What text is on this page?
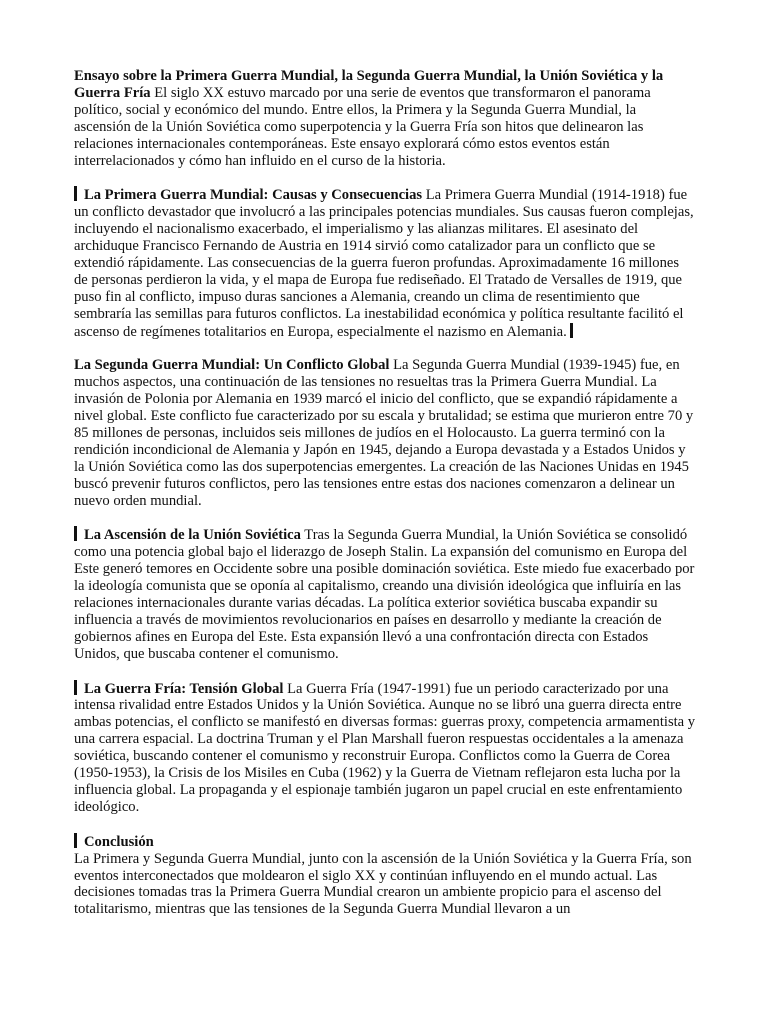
Ensayo sobre la Primera Guerra Mundial, la Segunda Guerra Mundial, la Unión Soviética y la Guerra Fría El siglo XX estuvo marcado por una serie de eventos que transformaron el panorama político, social y económico del mundo. Entre ellos, la Primera y la Segunda Guerra Mundial, la ascensión de la Unión Soviética como superpotencia y la Guerra Fría son hitos que delinearon las relaciones internacionales contemporáneas. Este ensayo explorará cómo estos eventos están interrelacionados y cómo han influido en el curso de la historia.

La Primera Guerra Mundial: Causas y Consecuencias La Primera Guerra Mundial (1914-1918) fue un conflicto devastador que involucró a las principales potencias mundiales. Sus causas fueron complejas, incluyendo el nacionalismo exacerbado, el imperialismo y las alianzas militares. El asesinato del archiduque Francisco Fernando de Austria en 1914 sirvió como catalizador para un conflicto que se extendió rápidamente. Las consecuencias de la guerra fueron profundas. Aproximadamente 16 millones de personas perdieron la vida, y el mapa de Europa fue rediseñado. El Tratado de Versalles de 1919, que puso fin al conflicto, impuso duras sanciones a Alemania, creando un clima de resentimiento que sembraría las semillas para futuros conflictos. La inestabilidad económica y política resultante facilitó el ascenso de regímenes totalitarios en Europa, especialmente el nazismo en Alemania.

La Segunda Guerra Mundial: Un Conflicto Global La Segunda Guerra Mundial (1939-1945) fue, en muchos aspectos, una continuación de las tensiones no resueltas tras la Primera Guerra Mundial. La invasión de Polonia por Alemania en 1939 marcó el inicio del conflicto, que se expandió rápidamente a nivel global. Este conflicto fue caracterizado por su escala y brutalidad; se estima que murieron entre 70 y 85 millones de personas, incluidos seis millones de judíos en el Holocausto. La guerra terminó con la rendición incondicional de Alemania y Japón en 1945, dejando a Europa devastada y a Estados Unidos y la Unión Soviética como las dos superpotencias emergentes. La creación de las Naciones Unidas en 1945 buscó prevenir futuros conflictos, pero las tensiones entre estas dos naciones comenzaron a delinear un nuevo orden mundial.

La Ascensión de la Unión Soviética Tras la Segunda Guerra Mundial, la Unión Soviética se consolidó como una potencia global bajo el liderazgo de Joseph Stalin. La expansión del comunismo en Europa del Este generó temores en Occidente sobre una posible dominación soviética. Este miedo fue exacerbado por la ideología comunista que se oponía al capitalismo, creando una división ideológica que influiría en las relaciones internacionales durante varias décadas. La política exterior soviética buscaba expandir su influencia a través de movimientos revolucionarios en países en desarrollo y mediante la creación de gobiernos afines en Europa del Este. Esta expansión llevó a una confrontación directa con Estados Unidos, que buscaba contener el comunismo.

La Guerra Fría: Tensión Global La Guerra Fría (1947-1991) fue un periodo caracterizado por una intensa rivalidad entre Estados Unidos y la Unión Soviética. Aunque no se libró una guerra directa entre ambas potencias, el conflicto se manifestó en diversas formas: guerras proxy, competencia armamentista y una carrera espacial. La doctrina Truman y el Plan Marshall fueron respuestas occidentales a la amenaza soviética, buscando contener el comunismo y reconstruir Europa. Conflictos como la Guerra de Corea (1950-1953), la Crisis de los Misiles en Cuba (1962) y la Guerra de Vietnam reflejaron esta lucha por la influencia global. La propaganda y el espionaje también jugaron un papel crucial en este enfrentamiento ideológico.

Conclusión
La Primera y Segunda Guerra Mundial, junto con la ascensión de la Unión Soviética y la Guerra Fría, son eventos interconectados que moldearon el siglo XX y continúan influyendo en el mundo actual. Las decisiones tomadas tras la Primera Guerra Mundial crearon un ambiente propicio para el ascenso del totalitarismo, mientras que las tensiones de la Segunda Guerra Mundial llevaron a un
